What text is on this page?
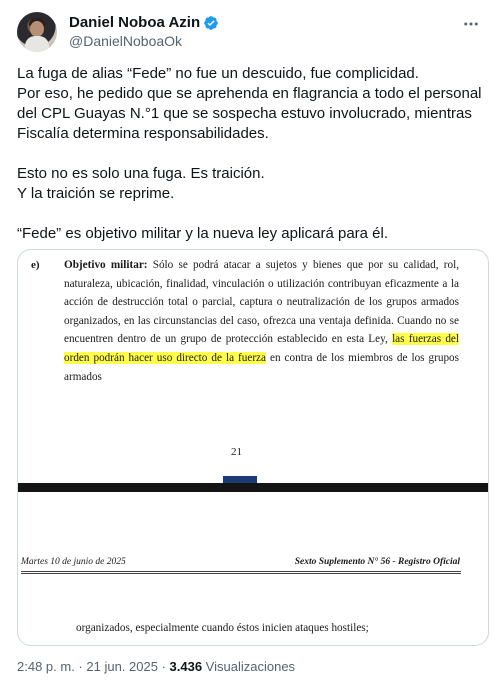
Daniel Noboa Azin
@DanielNoboaOk

La fuga de alias “Fede” no fue un descuido, fue complicidad.
Por eso, he pedido que se aprehenda en flagrancia a todo el personal del CPL Guayas N.°1 que se sospecha estuvo involucrado, mientras Fiscalía determina responsabilidades.

Esto no es solo una fuga. Es traición.
Y la traición se reprime.

“Fede” es objetivo militar y la nueva ley aplicará para él.

e) Objetivo militar: Sólo se podrá atacar a sujetos y bienes que por su calidad, rol, naturaleza, ubicación, finalidad, vinculación o utilización contribuyan eficazmente a la acción de destrucción total o parcial, captura o neutralización de los grupos armados organizados, en las circunstancias del caso, ofrezca una ventaja definida. Cuando no se encuentren dentro de un grupo de protección establecido en esta Ley, las fuerzas del orden podrán hacer uso directo de la fuerza en contra de los miembros de los grupos armados
21
Martes 10 de junio de 2025	Sexto Suplemento N° 56 - Registro Oficial
organizados, especialmente cuando éstos inicien ataques hostiles;
2:48 p. m. · 21 jun. 2025 · 3.436 Visualizaciones
